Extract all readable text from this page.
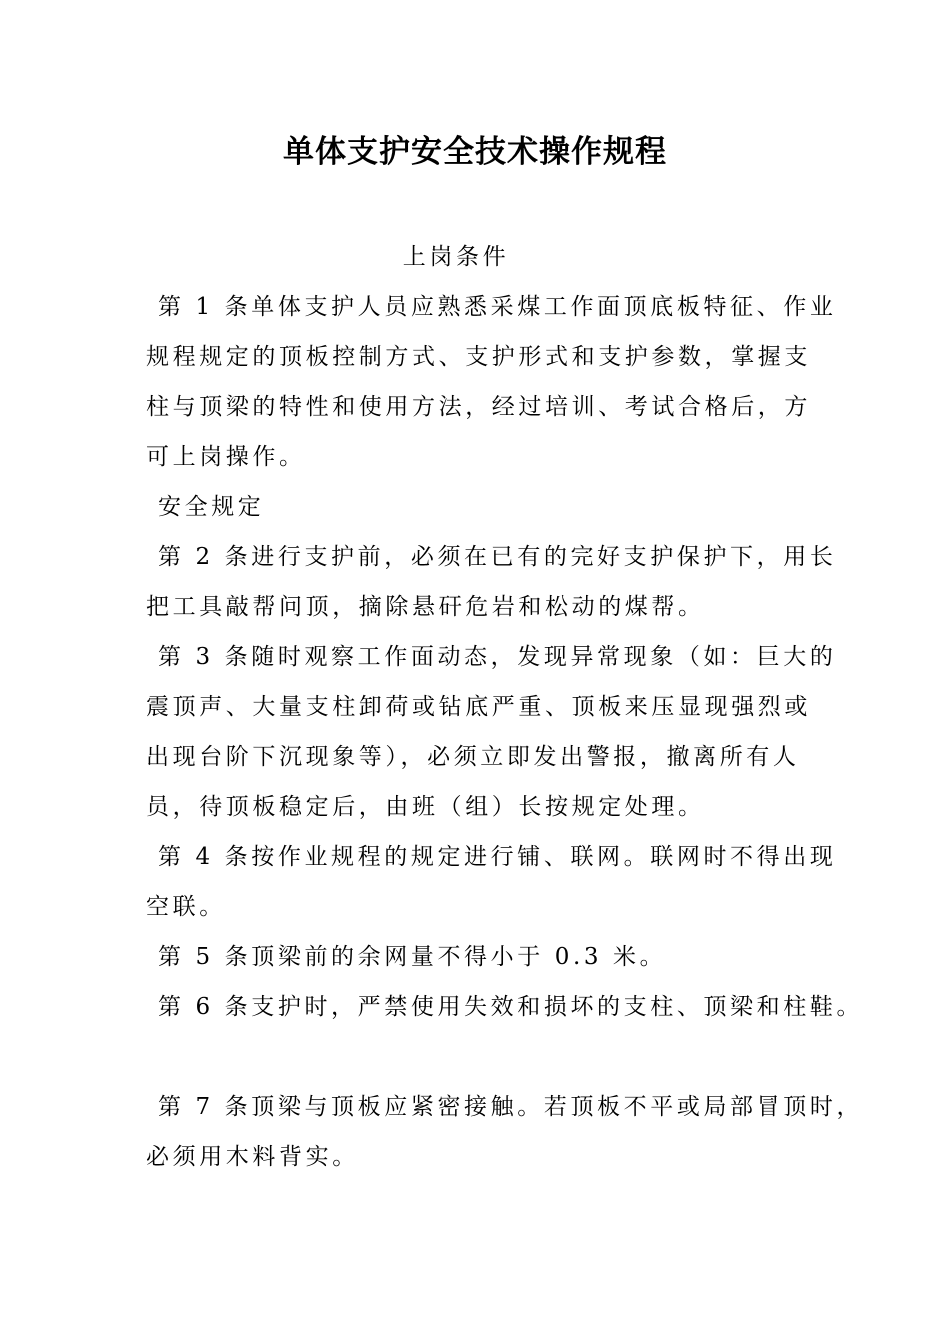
单体支护安全技术操作规程

上岗条件

第 1 条单体支护人员应熟悉采煤工作面顶底板特征、作业

规程规定的顶板控制方式、支护形式和支护参数，掌握支

柱与顶梁的特性和使用方法，经过培训、考试合格后，方

可上岗操作。

安全规定

第 2 条进行支护前，必须在已有的完好支护保护下，用长

把工具敲帮问顶，摘除悬矸危岩和松动的煤帮。

第 3 条随时观察工作面动态，发现异常现象（如：巨大的

震顶声、大量支柱卸荷或钻底严重、顶板来压显现强烈或

出现台阶下沉现象等），必须立即发出警报，撤离所有人

员，待顶板稳定后，由班（组）长按规定处理。

第 4 条按作业规程的规定进行铺、联网。联网时不得出现

空联。

第 5 条顶梁前的余网量不得小于 0.3 米。

第 6 条支护时，严禁使用失效和损坏的支柱、顶梁和柱鞋。

第 7 条顶梁与顶板应紧密接触。若顶板不平或局部冒顶时，

必须用木料背实。
